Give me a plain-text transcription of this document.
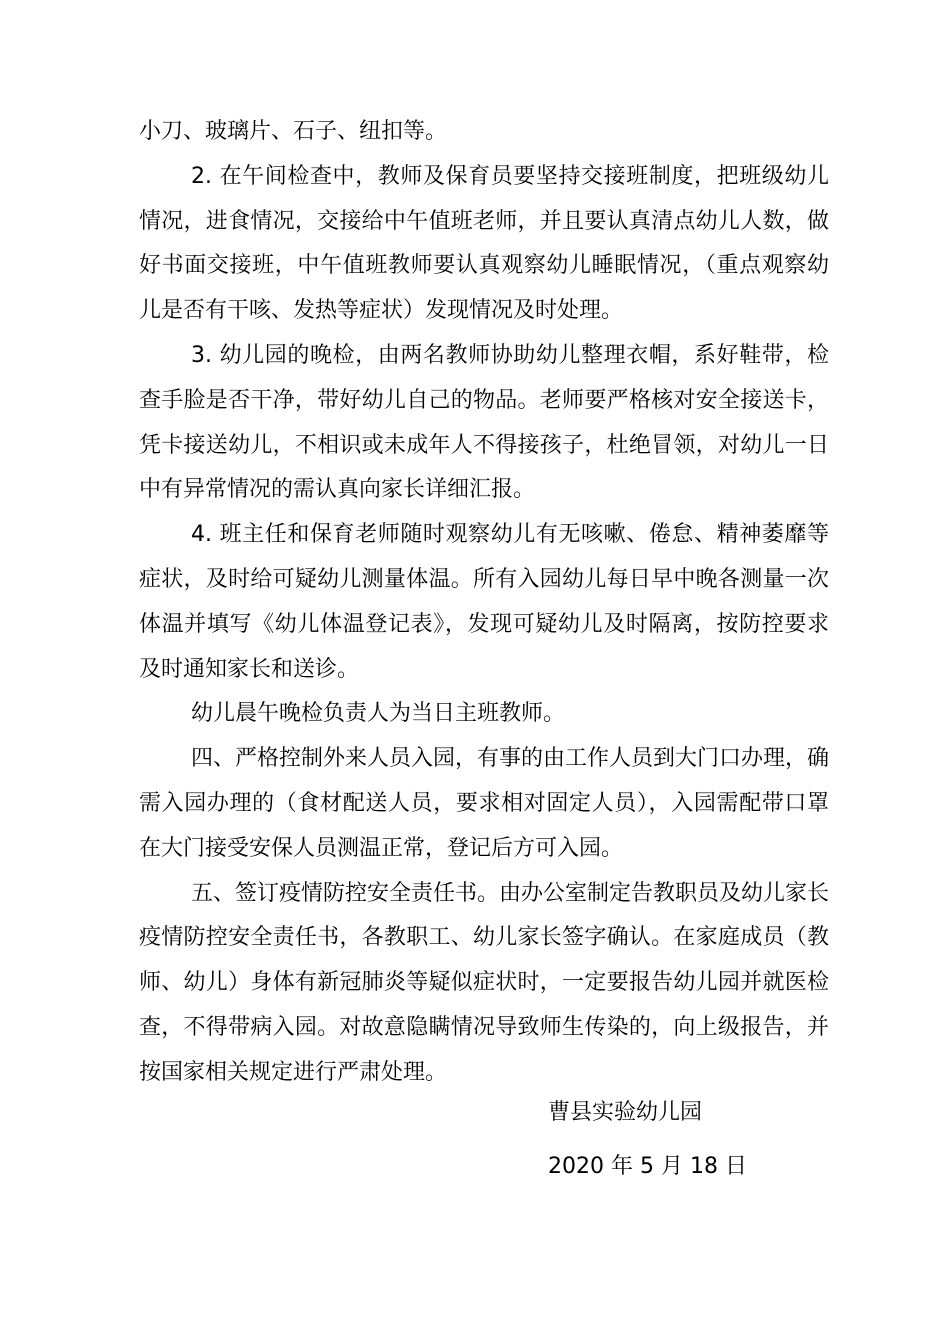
小刀、玻璃片、石子、纽扣等。

2. 在午间检查中，教师及保育员要坚持交接班制度，把班级幼儿情况，进食情况，交接给中午值班老师，并且要认真清点幼儿人数，做好书面交接班，中午值班教师要认真观察幼儿睡眠情况，（重点观察幼儿是否有干咳、发热等症状）发现情况及时处理。

3. 幼儿园的晚检，由两名教师协助幼儿整理衣帽，系好鞋带，检查手脸是否干净，带好幼儿自己的物品。老师要严格核对安全接送卡，凭卡接送幼儿，不相识或未成年人不得接孩子，杜绝冒领，对幼儿一日中有异常情况的需认真向家长详细汇报。

4. 班主任和保育老师随时观察幼儿有无咳嗽、倦怠、精神萎靡等症状，及时给可疑幼儿测量体温。所有入园幼儿每日早中晚各测量一次体温并填写《幼儿体温登记表》，发现可疑幼儿及时隔离，按防控要求及时通知家长和送诊。

幼儿晨午晚检负责人为当日主班教师。

四、严格控制外来人员入园，有事的由工作人员到大门口办理，确需入园办理的（食材配送人员，要求相对固定人员），入园需配带口罩在大门接受安保人员测温正常，登记后方可入园。

五、签订疫情防控安全责任书。由办公室制定告教职员及幼儿家长疫情防控安全责任书，各教职工、幼儿家长签字确认。在家庭成员（教师、幼儿）身体有新冠肺炎等疑似症状时，一定要报告幼儿园并就医检查，不得带病入园。对故意隐瞒情况导致师生传染的，向上级报告，并按国家相关规定进行严肃处理。

曹县实验幼儿园
2020 年 5 月 18 日
